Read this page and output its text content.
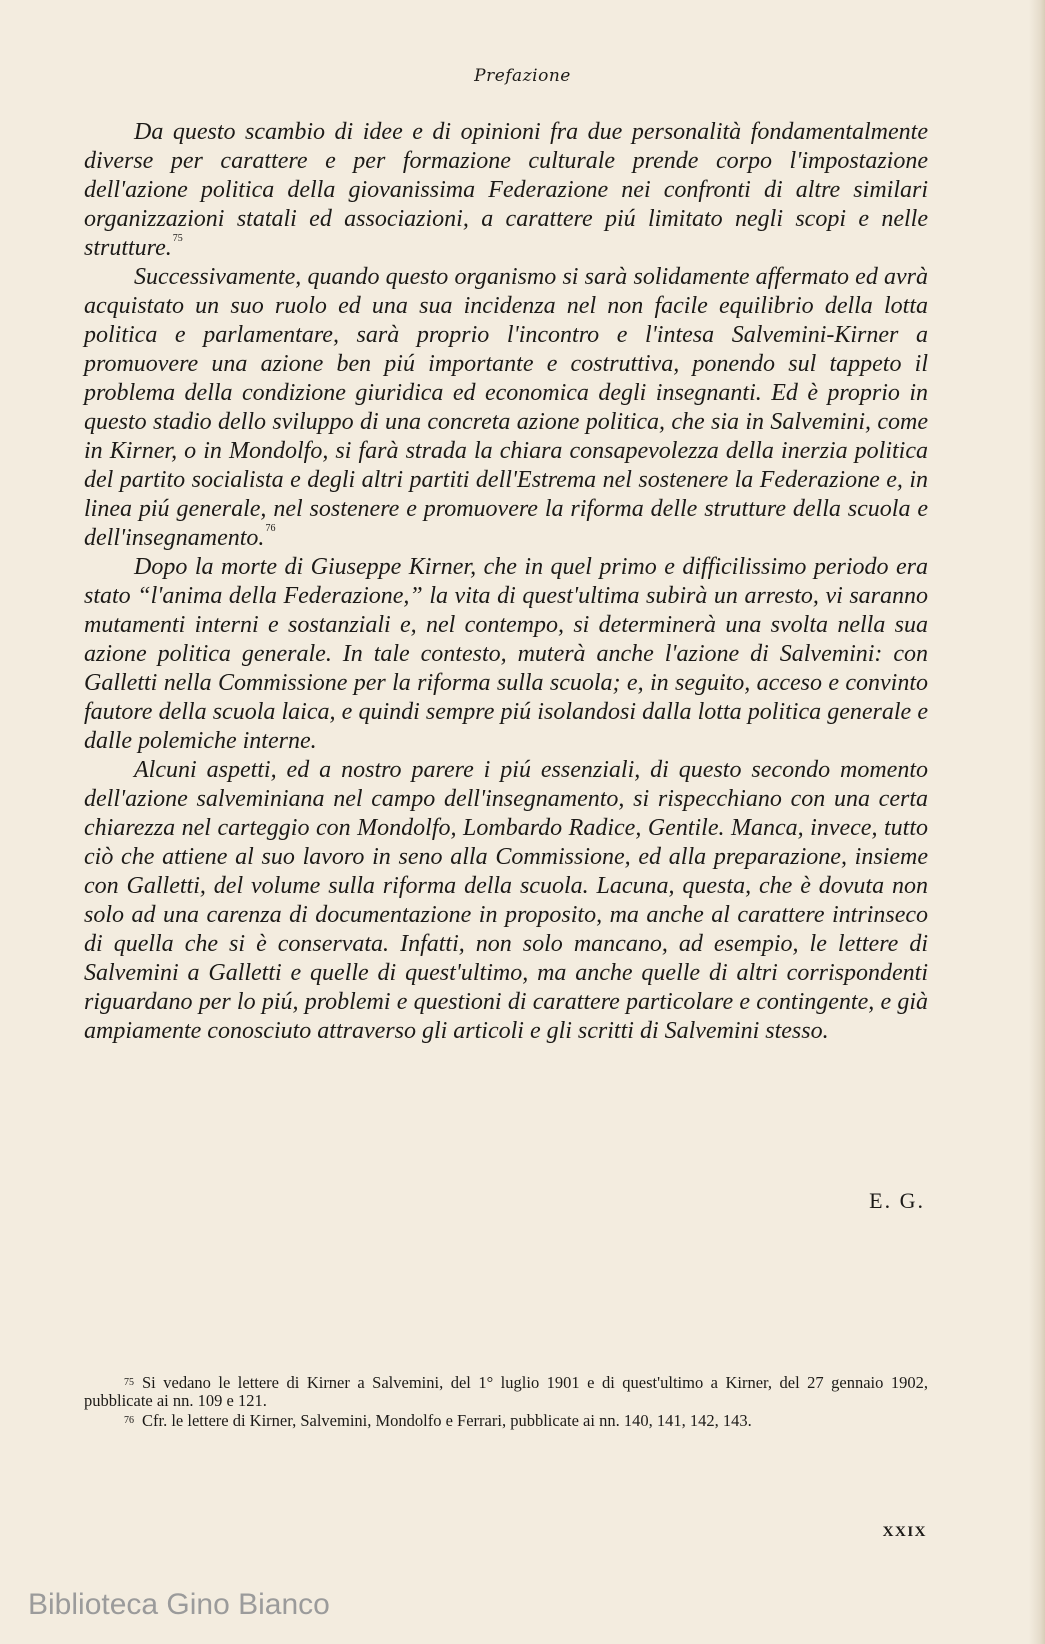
Prefazione

Da questo scambio di idee e di opinioni fra due personalità fondamentalmente diverse per carattere e per formazione culturale prende corpo l'impostazione dell'azione politica della giovanissima Federazione nei confronti di altre similari organizzazioni statali ed associazioni, a carattere piú limitato negli scopi e nelle strutture.$^{75}$

Successivamente, quando questo organismo si sarà solidamente affermato ed avrà acquistato un suo ruolo ed una sua incidenza nel non facile equilibrio della lotta politica e parlamentare, sarà proprio l'incontro e l'intesa Salvemini-Kirner a promuovere una azione ben piú importante e costruttiva, ponendo sul tappeto il problema della condizione giuridica ed economica degli insegnanti. Ed è proprio in questo stadio dello sviluppo di una concreta azione politica, che sia in Salvemini, come in Kirner, o in Mondolfo, si farà strada la chiara consapevolezza della inerzia politica del partito socialista e degli altri partiti dell'Estrema nel sostenere la Federazione e, in linea piú generale, nel sostenere e promuovere la riforma delle strutture della scuola e dell'insegnamento.$^{76}$

Dopo la morte di Giuseppe Kirner, che in quel primo e difficilissimo periodo era stato “l'anima della Federazione,” la vita di quest'ultima subirà un arresto, vi saranno mutamenti interni e sostanziali e, nel contempo, si determinerà una svolta nella sua azione politica generale. In tale contesto, muterà anche l'azione di Salvemini: con Galletti nella Commissione per la riforma sulla scuola; e, in seguito, acceso e convinto fautore della scuola laica, e quindi sempre piú isolandosi dalla lotta politica generale e dalle polemiche interne.

Alcuni aspetti, ed a nostro parere i piú essenziali, di questo secondo momento dell'azione salveminiana nel campo dell'insegnamento, si rispecchiano con una certa chiarezza nel carteggio con Mondolfo, Lombardo Radice, Gentile. Manca, invece, tutto ciò che attiene al suo lavoro in seno alla Commissione, ed alla preparazione, insieme con Galletti, del volume sulla riforma della scuola. Lacuna, questa, che è dovuta non solo ad una carenza di documentazione in proposito, ma anche al carattere intrinseco di quella che si è conservata. Infatti, non solo mancano, ad esempio, le lettere di Salvemini a Galletti e quelle di quest'ultimo, ma anche quelle di altri corrispondenti riguardano per lo piú, problemi e questioni di carattere particolare e contingente, e già ampiamente conosciuto attraverso gli articoli e gli scritti di Salvemini stesso.

E. G.

$^{75}$ Si vedano le lettere di Kirner a Salvemini, del 1° luglio 1901 e di quest'ultimo a Kirner, del 27 gennaio 1902, pubblicate ai nn. 109 e 121.

$^{76}$ Cfr. le lettere di Kirner, Salvemini, Mondolfo e Ferrari, pubblicate ai nn. 140, 141, 142, 143.

XXIX
Biblioteca Gino Bianco
